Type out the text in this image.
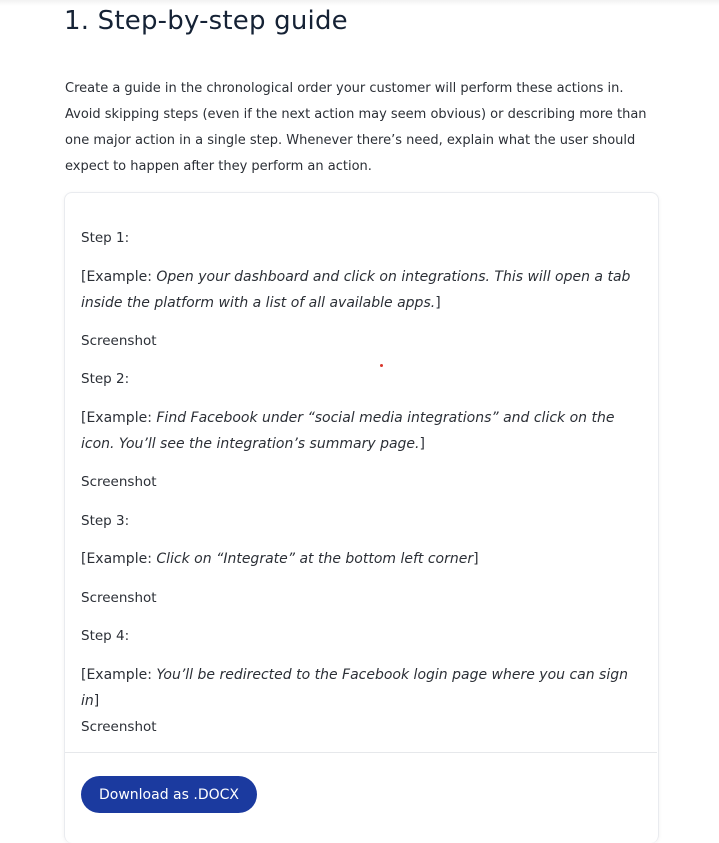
1. Step-by-step guide
Create a guide in the chronological order your customer will perform these actions in.
Avoid skipping steps (even if the next action may seem obvious) or describing more than
one major action in a single step. Whenever there’s need, explain what the user should
expect to happen after they perform an action.
Step 1:
[Example: Open your dashboard and click on integrations. This will open a tab
inside the platform with a list of all available apps.]
Screenshot
Step 2:
[Example: Find Facebook under “social media integrations” and click on the
icon. You’ll see the integration’s summary page.]
Screenshot
Step 3:
[Example: Click on “Integrate” at the bottom left corner]
Screenshot
Step 4:
[Example: You’ll be redirected to the Facebook login page where you can sign
in]
Screenshot
Download as .DOCX
